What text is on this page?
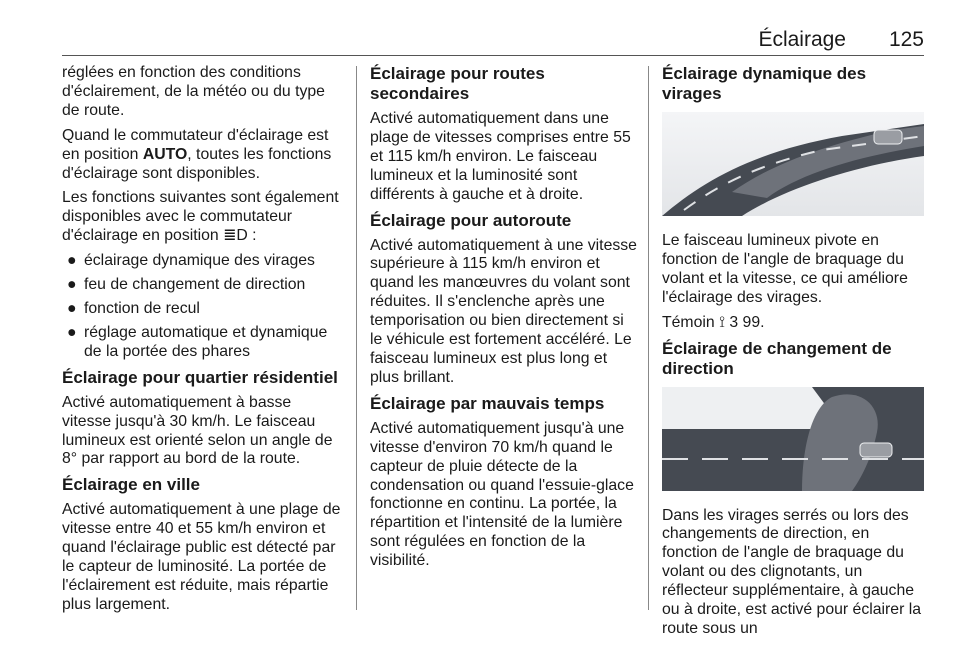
Éclairage 125

réglées en fonction des conditions d'éclairement, de la météo ou du type de route.

Quand le commutateur d'éclairage est en position AUTO, toutes les fonctions d'éclairage sont disponibles.

Les fonctions suivantes sont également disponibles avec le commutateur d'éclairage en position ≣D :

● éclairage dynamique des virages
● feu de changement de direction
● fonction de recul
● réglage automatique et dynamique de la portée des phares
Éclairage pour quartier résidentiel

Activé automatiquement à basse vitesse jusqu'à 30 km/h. Le faisceau lumineux est orienté selon un angle de 8° par rapport au bord de la route.

Éclairage en ville

Activé automatiquement à une plage de vitesse entre 40 et 55 km/h environ et quand l'éclairage public est détecté par le capteur de luminosité. La portée de l'éclairement est réduite, mais répartie plus largement.

Éclairage pour routes secondaires

Activé automatiquement dans une plage de vitesses comprises entre 55 et 115 km/h environ. Le faisceau lumineux et la luminosité sont différents à gauche et à droite.

Éclairage pour autoroute

Activé automatiquement à une vitesse supérieure à 115 km/h environ et quand les manœuvres du volant sont réduites. Il s'enclenche après une temporisation ou bien directement si le véhicule est fortement accéléré. Le faisceau lumineux est plus long et plus brillant.

Éclairage par mauvais temps

Activé automatiquement jusqu'à une vitesse d'environ 70 km/h quand le capteur de pluie détecte de la condensation ou quand l'essuie-glace fonctionne en continu. La portée, la répartition et l'intensité de la lumière sont régulées en fonction de la visibilité.

Éclairage dynamique des virages

Le faisceau lumineux pivote en fonction de l'angle de braquage du volant et la vitesse, ce qui améliore l'éclairage des virages.

Témoin ⟟ 3 99.

Éclairage de changement de direction

Dans les virages serrés ou lors des changements de direction, en fonction de l'angle de braquage du volant ou des clignotants, un réflecteur supplémentaire, à gauche ou à droite, est activé pour éclairer la route sous un
